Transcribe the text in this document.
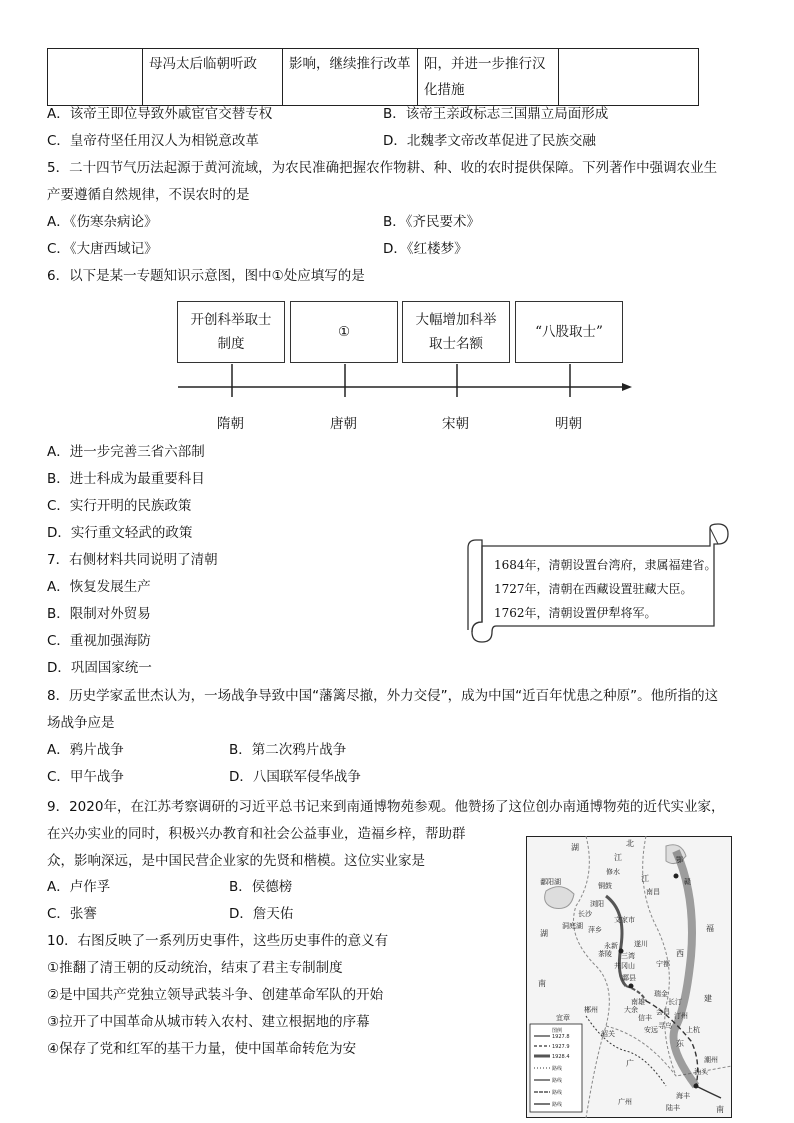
	母冯太后临朝听政	影响，继续推行改革	阳，并进一步推行汉
化措施

A．该帝王即位导致外戚宦官交替专权	B．该帝王亲政标志三国鼎立局面形成
C．皇帝苻坚任用汉人为相锐意改革	D．北魏孝文帝改革促进了民族交融
5．二十四节气历法起源于黄河流域，为农民准确把握农作物耕、种、收的农时提供保障。下列著作中强调农业生
产要遵循自然规律，不误农时的是
A．《伤寒杂病论》	B．《齐民要术》
C．《大唐西域记》	D．《红楼梦》
6．以下是某一专题知识示意图，图中①处应填写的是
开创科举取士
制度
①
大幅增加科举
取士名额
“八股取士”
隋朝	唐朝	宋朝	明朝
A．进一步完善三省六部制
B．进士科成为最重要科目
C．实行开明的民族政策
D．实行重文轻武的政策
7．右侧材料共同说明了清朝
A．恢复发展生产
B．限制对外贸易
C．重视加强海防
D．巩固国家统一
1684年，清朝设置台湾府，隶属福建省。
1727年，清朝在西藏设置驻藏大臣。
1762年，清朝设置伊犁将军。
8．历史学家孟世杰认为，一场战争导致中国“藩篱尽撤，外力交侵”，成为中国“近百年忧患之种原”。他所指的这
场战争应是
A．鸦片战争	B．第二次鸦片战争
C．甲午战争	D．八国联军侵华战争
9．2020年，在江苏考察调研的习近平总书记来到南通博物苑参观。他赞扬了这位创办南通博物苑的近代实业家，
在兴办实业的同时，积极兴办教育和社会公益事业，造福乡梓，帮助群
众，影响深远，是中国民营企业家的先贤和楷模。这位实业家是
A．卢作孚	B．侯德榜
C．张謇	D．詹天佑
10．右图反映了一系列历史事件，这些历史事件的意义有
①推翻了清王朝的反动统治，结束了君主专制制度
②是中国共产党独立领导武装斗争、创建革命军队的开始
③拉开了中国革命从城市转入农村、建立根据地的序幕
④保存了党和红军的基干力量，使中国革命转危为安
图例
1927.8
1927.9
1928.4
路线
路线
路线
路线
北
湖
鄱阳湖
长沙
洞庭湖
湖
南
江
南昌
宁都
西
福
建
广
东
汀州
上杭
瑞金
三湾
井冈山
永新
修水
萍乡
浏阳
铜鼓
文家市
茶陵
酃县
遂川
宜章
郴州
韶关
汕头
潮州
海丰
陆丰
广州
南雄
大余
信丰
会昌
寻乌
安远
长汀
南
江	鄂
赣
